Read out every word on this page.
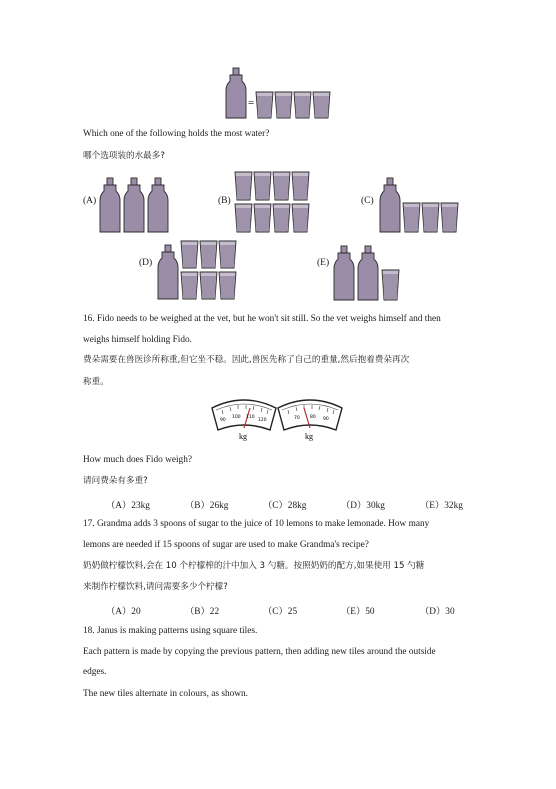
=
Which one of the following holds the most water?
哪个选项装的水最多?
(A)	(B)	(C)
(D)	(E)
16. Fido needs to be weighed at the vet, but he won't sit still. So the vet weighs himself and then
weighs himself holding Fido.
费朵需要在兽医诊所称重,但它坐不稳。因此,兽医先称了自己的重量,然后抱着费朵再次
称重。
90
100 110
120
kg
70 80 90
kg
How much does Fido weigh?
请问费朵有多重?
（A）23kg	（B）26kg	（C）28kg	（D）30kg	（E）32kg
17. Grandma adds 3 spoons of sugar to the juice of 10 lemons to make lemonade. How many
lemons are needed if 15 spoons of sugar are used to make Grandma's recipe?
奶奶做柠檬饮料,会在 10 个柠檬榨的汁中加入 3 勺糖。按照奶奶的配方,如果使用 15 勺糖
来制作柠檬饮料,请问需要多少个柠檬?
（A）20	（B）22	（C）25	（E）50	（D）30
18. Janus is making patterns using square tiles.
Each pattern is made by copying the previous pattern, then adding new tiles around the outside
edges.
The new tiles alternate in colours, as shown.
